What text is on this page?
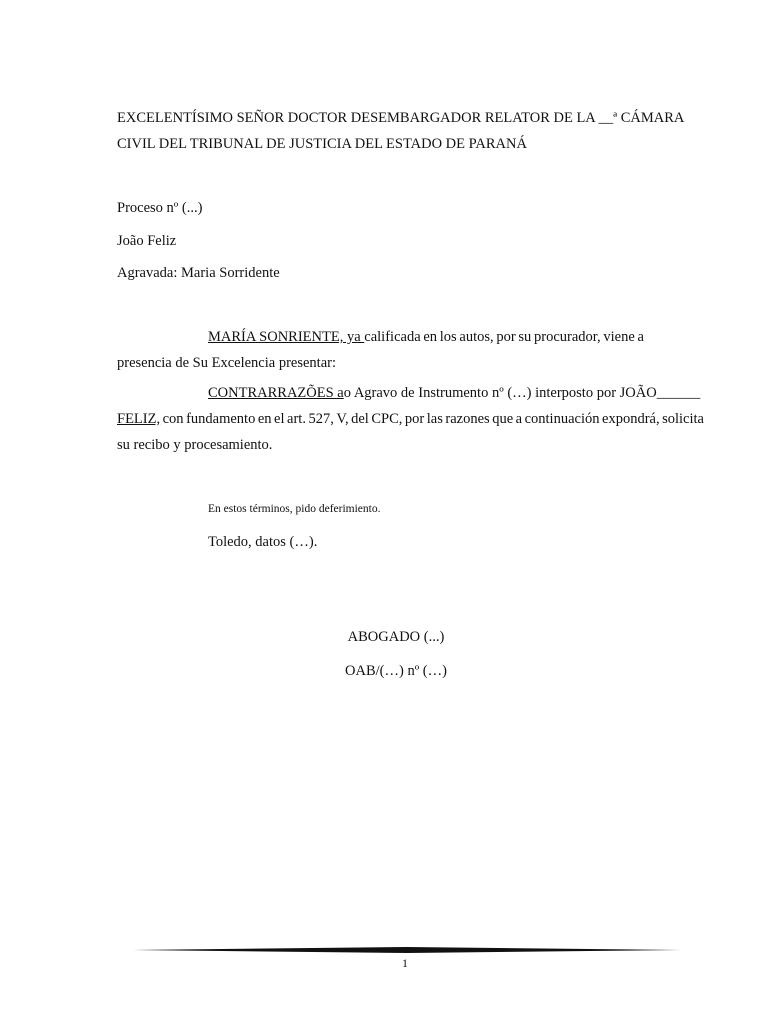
EXCELENTÍSIMO SEÑOR DOCTOR DESEMBARGADOR RELATOR DE LA __ª CÁMARA
CIVIL DEL TRIBUNAL DE JUSTICIA DEL ESTADO DE PARANÁ
Proceso nº (...)
João Feliz
Agravada: Maria Sorridente
MARÍA SONRIENTE, ya calificada en los autos, por su procurador, viene a
presencia de Su Excelencia presentar:
CONTRARRAZÕES ao Agravo de Instrumento nº (…) interposto por JOÃO ______
FELIZ, con fundamento en el art. 527, V, del CPC, por las razones que a continuación expondrá, solicita
su recibo y procesamiento.
En estos términos, pido deferimiento.
Toledo, datos (…).
ABOGADO (...)
OAB/(…) nº (…)
1
